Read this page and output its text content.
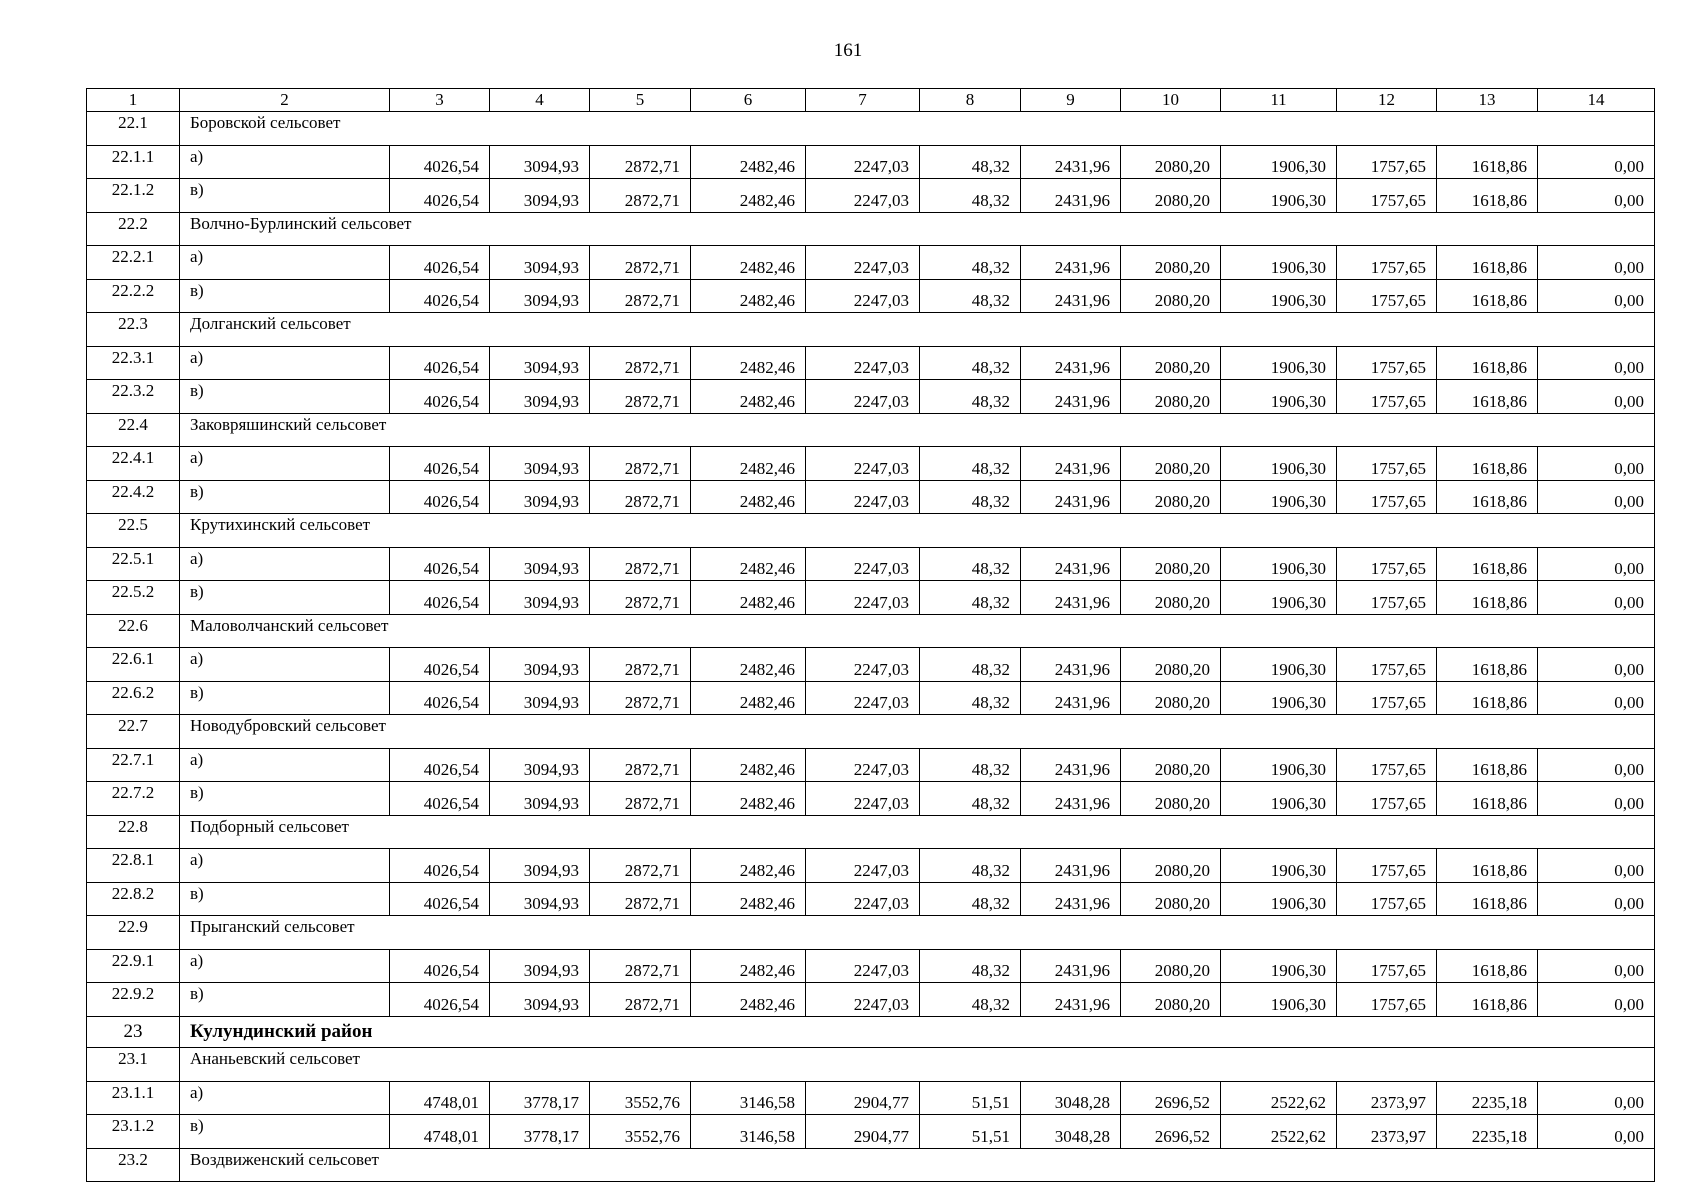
161
1	2	3	4	5	6	7	8	9	10	11	12	13	14
22.1	Боровской сельсовет												
22.1.1	а)	4026,54	3094,93	2872,71	2482,46	2247,03	48,32	2431,96	2080,20	1906,30	1757,65	1618,86	0,00
22.1.2	в)	4026,54	3094,93	2872,71	2482,46	2247,03	48,32	2431,96	2080,20	1906,30	1757,65	1618,86	0,00
22.2	Волчно-Бурлинский сельсовет												
22.2.1	а)	4026,54	3094,93	2872,71	2482,46	2247,03	48,32	2431,96	2080,20	1906,30	1757,65	1618,86	0,00
22.2.2	в)	4026,54	3094,93	2872,71	2482,46	2247,03	48,32	2431,96	2080,20	1906,30	1757,65	1618,86	0,00
22.3	Долганский сельсовет												
22.3.1	а)	4026,54	3094,93	2872,71	2482,46	2247,03	48,32	2431,96	2080,20	1906,30	1757,65	1618,86	0,00
22.3.2	в)	4026,54	3094,93	2872,71	2482,46	2247,03	48,32	2431,96	2080,20	1906,30	1757,65	1618,86	0,00
22.4	Заковряшинский сельсовет												
22.4.1	а)	4026,54	3094,93	2872,71	2482,46	2247,03	48,32	2431,96	2080,20	1906,30	1757,65	1618,86	0,00
22.4.2	в)	4026,54	3094,93	2872,71	2482,46	2247,03	48,32	2431,96	2080,20	1906,30	1757,65	1618,86	0,00
22.5	Крутихинский сельсовет												
22.5.1	а)	4026,54	3094,93	2872,71	2482,46	2247,03	48,32	2431,96	2080,20	1906,30	1757,65	1618,86	0,00
22.5.2	в)	4026,54	3094,93	2872,71	2482,46	2247,03	48,32	2431,96	2080,20	1906,30	1757,65	1618,86	0,00
22.6	Маловолчанский сельсовет												
22.6.1	а)	4026,54	3094,93	2872,71	2482,46	2247,03	48,32	2431,96	2080,20	1906,30	1757,65	1618,86	0,00
22.6.2	в)	4026,54	3094,93	2872,71	2482,46	2247,03	48,32	2431,96	2080,20	1906,30	1757,65	1618,86	0,00
22.7	Новодубровский сельсовет												
22.7.1	а)	4026,54	3094,93	2872,71	2482,46	2247,03	48,32	2431,96	2080,20	1906,30	1757,65	1618,86	0,00
22.7.2	в)	4026,54	3094,93	2872,71	2482,46	2247,03	48,32	2431,96	2080,20	1906,30	1757,65	1618,86	0,00
22.8	Подборный сельсовет												
22.8.1	а)	4026,54	3094,93	2872,71	2482,46	2247,03	48,32	2431,96	2080,20	1906,30	1757,65	1618,86	0,00
22.8.2	в)	4026,54	3094,93	2872,71	2482,46	2247,03	48,32	2431,96	2080,20	1906,30	1757,65	1618,86	0,00
22.9	Прыганский сельсовет												
22.9.1	а)	4026,54	3094,93	2872,71	2482,46	2247,03	48,32	2431,96	2080,20	1906,30	1757,65	1618,86	0,00
22.9.2	в)	4026,54	3094,93	2872,71	2482,46	2247,03	48,32	2431,96	2080,20	1906,30	1757,65	1618,86	0,00
23	Кулундинский район												
23.1	Ананьевский сельсовет												
23.1.1	а)	4748,01	3778,17	3552,76	3146,58	2904,77	51,51	3048,28	2696,52	2522,62	2373,97	2235,18	0,00
23.1.2	в)	4748,01	3778,17	3552,76	3146,58	2904,77	51,51	3048,28	2696,52	2522,62	2373,97	2235,18	0,00
23.2	Воздвиженский сельсовет												
